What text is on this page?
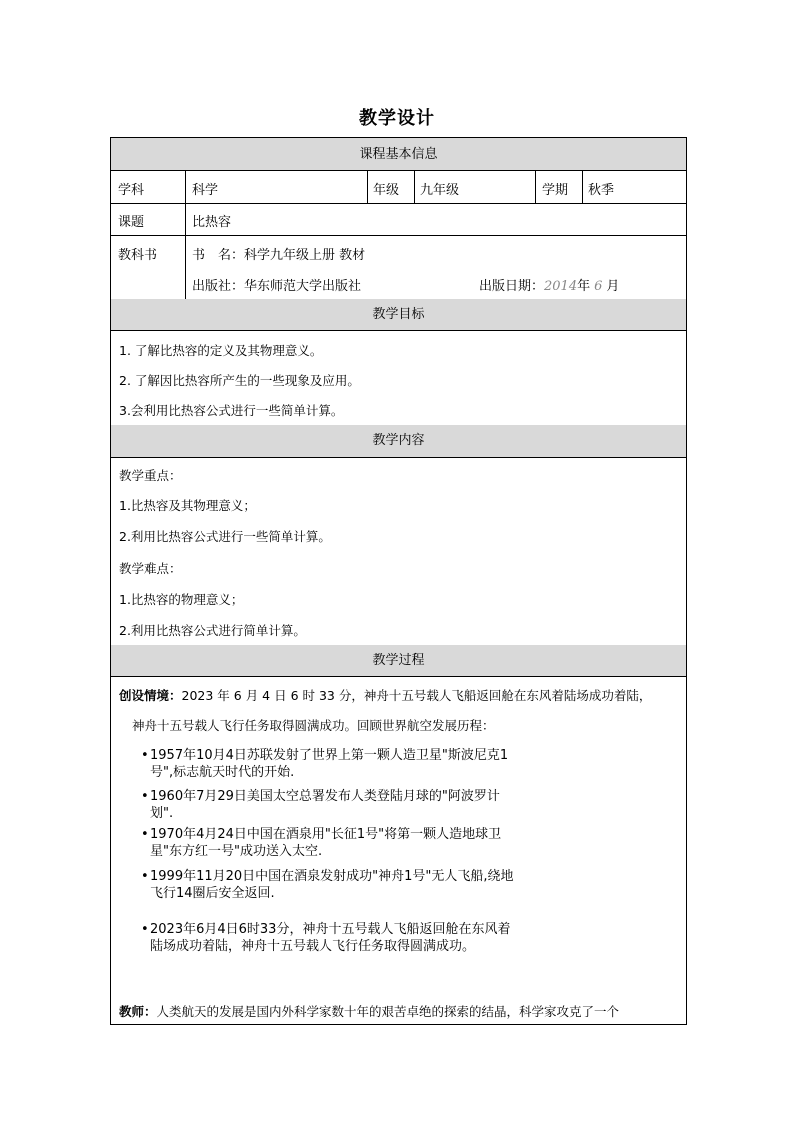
教学设计
课程基本信息
学科	科学	年级 九年级	学期 秋季
课题	比热容
教科书	书　名：科学九年级上册 教材
出版社：华东师范大学出版社	出版日期：2014年 6 月
教学目标
1. 了解比热容的定义及其物理意义。
2. 了解因比热容所产生的一些现象及应用。
3.会利用比热容公式进行一些简单计算。
教学内容
教学重点：
1.比热容及其物理意义；
2.利用比热容公式进行一些简单计算。
教学难点：
1.比热容的物理意义；
2.利用比热容公式进行简单计算。
教学过程
创设情境：2023 年 6 月 4 日 6 时 33 分，神舟十五号载人飞船返回舱在东风着陆场成功着陆，
神舟十五号载人飞行任务取得圆满成功。回顾世界航空发展历程：
• 1957年10月4日苏联发射了世界上第一颗人造卫星"斯波尼克1号",标志航天时代的开始.
• 1960年7月29日美国太空总署发布人类登陆月球的"阿波罗计划".
• 1970年4月24日中国在酒泉用"长征1号"将第一颗人造地球卫星"东方红一号"成功送入太空.
• 1999年11月20日中国在酒泉发射成功"神舟1号"无人飞船,绕地飞行14圈后安全返回.
• 2023年6月4日6时33分，神舟十五号载人飞船返回舱在东风着陆场成功着陆，神舟十五号载人飞行任务取得圆满成功。
教师：人类航天的发展是国内外科学家数十年的艰苦卓绝的探索的结晶，科学家攻克了一个
